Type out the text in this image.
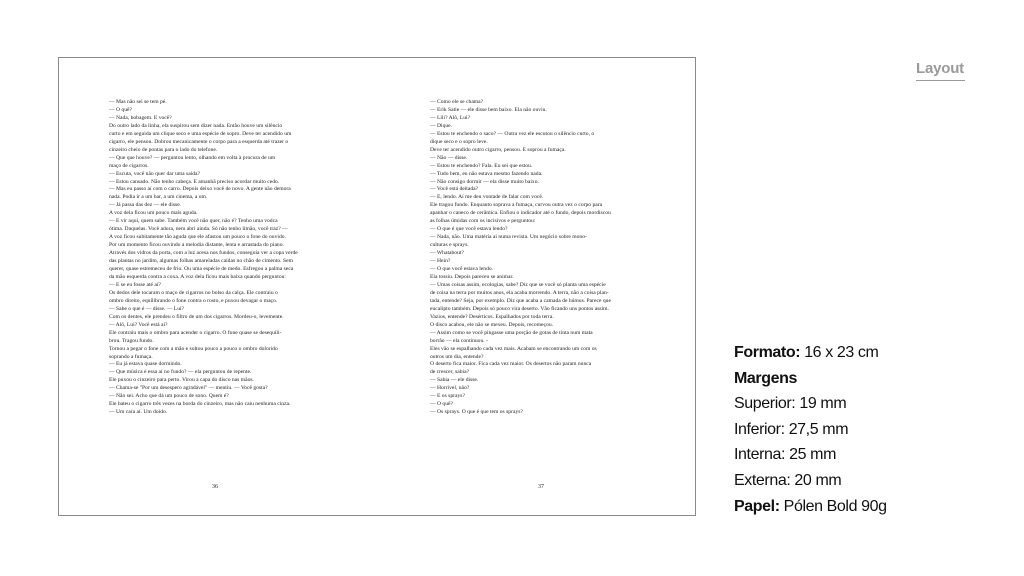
Layout

— Mas não sei se tem pé.

— O quê?

— Nada, bobagem. E você?

Do outro lado da linha, ela suspirou sem dizer nada. Então houve um silêncio

curto e em seguida um clique seco e uma espécie de sopro. Deve ter acendido um

cigarro, ele pensou. Dobrou mecanicamente o corpo para a esquerda até trazer o

cinzeiro cheio de pontas para o lado do telefone.

— Que que houve? — perguntou lento, olhando em volta à procura de um

maço de cigarros.

— Escuta, você não quer dar uma saída?

— Estou cansado. Não tenho cabeça. E amanhã preciso acordar muito cedo.

— Mas eu passo aí com o carro. Depois deixo você de novo. A gente não demora

nada. Podia ir a um bar, a um cinema, a um.

— Já passa das dez — ele disse.

A voz dela ficou um pouco mais aguda.

— E vir aqui, quem sabe. Também você não quer, não é? Tenho uma vodca

ótima. Daquelas. Você adora, nem abri ainda. Só não tenho limão, você traz? —

A voz ficou subitamente tão aguda que ele afastou um pouco o fone do ouvido.

Por um momento ficou ouvindo a melodia distante, lenta e arrastada do piano.

Através dos vidros da porta, com a luz acesa nos fundos, conseguia ver a copa verde

das plantas no jardim, algumas folhas amareladas caídas no chão de cimento. Sem

querer, quase estremeceu de frio. Ou uma espécie de medo. Esfregou a palma seca

da mão esquerda contra a coxa. A voz dela ficou mais baixa quando perguntou:

— E se eu fosse até aí?

Os dedos dele tocaram o maço de cigarros no bolso da calça. Ele contraiu o

ombro direito, equilibrando o fone contra o rosto, e puxou devagar o maço.

— Sabe o que é — disse. — Lui?

Com os dentes, ele prendeu o filtro de um dos cigarros. Mordeu-o, levemente.

— Alô, Lui? Você está aí?

Ele contraiu mais o ombro para acender o cigarro. O fone quase se desequili-

brou. Tragou fundo.

Tornou a pegar o fone com a mão e soltou pouco a pouco o ombro dolorido

soprando a fumaça.

— Eu já estava quase dormindo.

— Que música é essa aí no fundo? — ela perguntou de repente.

Ele puxou o cinzeiro para perto. Virou a capa do disco nas mãos.

— Chama-se "Por um desespero agradável" — mentiu. — Você gosta?

— Não sei. Acho que dá um pouco de sono. Quem é?

Ele bateu o cigarro três vezes na borda do cinzeiro, mas não caiu nenhuma cinza.

— Um cara aí. Um doido.

36

— Como ele se chama?

— Erik Satie — ele disse bem baixo. Ela não ouviu.

— Lili? Alô, Lui?

— Dique.

— Estou te enchendo o saco? — Outra vez ele escutou o silêncio curto, o

dique seco e o sopro leve.

Deve ter acendido outro cigarro, pensou. E soprou a fumaça.

— Não — disse.

— Estou te enchendo? Fala. Eu sei que estou.

— Tudo bem, eu não estava mesmo fazendo nada.

— Não consigo dormir — ela disse muito baixo.

— Você está deitada?

— É, lendo. Aí me deu vontade de falar com você.

Ele tragou fundo. Enquanto soprava a fumaça, curvou outra vez o corpo para

apanhar o caneco de cerâmica. Enfiou o indicador até o fundo, depois mordiscou

as folhas úmidas com os incisivos e perguntou:

— O que é que você estava lendo?

— Nada, não. Uma matéria aí numa revista. Um negócio sobre mono-

culturas e sprays.

— Whatabout?

— Hein?

— O que você estava lendo.

Ela tossiu. Depois pareceu se animar.

— Umas coisas assim, ecologias, sabe? Diz que se você só planta uma espécie

de coisa na terra por muitos anos, ela acaba morrendo. A terra, não a coisa plan-

tada, entende? Seja, por exemplo. Diz que acaba a camada de húmus. Parece que

eucalipto também. Depois só pouco vira deserto. Vão ficando uns pontos assim.

Vazios, entende? Desérticos. Espalhados por toda terra.

O disco acabou, ele não se mexeu. Depois, recomeçou.

— Assim como se você pingasse uma porção de gotas de tinta num mata

borrão — ela continuou. -

Eles vão se espalhando cada vez mais. Acabam se encontrando um com os

outros um dia, entende?

O deserto fica maior. Fica cada vez maior. Os desertos não param nunca

de crescer, sabia?

— Sabia — ele disse.

— Horrível, não?

— E os sprays?

— O quê?

— Os sprays. O que é que tem os sprays?

37
Formato: 16 x 23 cm
Margens
Superior: 19 mm
Inferior: 27,5 mm
Interna: 25 mm
Externa: 20 mm
Papel: Pólen Bold 90g
